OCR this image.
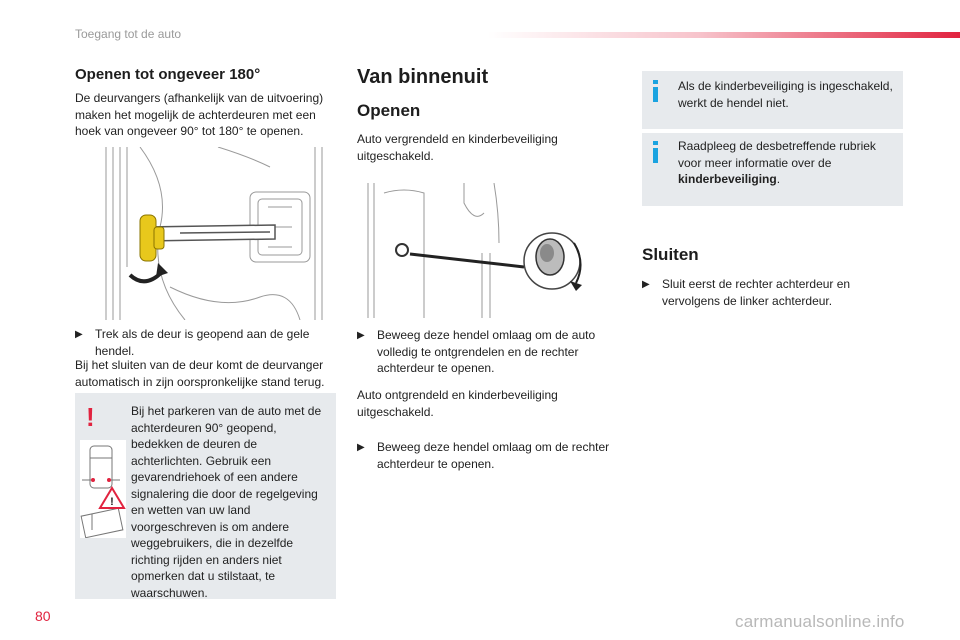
Toegang tot de auto
Openen tot ongeveer 180°

De deurvangers (afhankelijk van de uitvoering) maken het mogelijk de achterdeuren met een hoek van ongeveer 90° tot 180° te openen.

▶	Trek als de deur is geopend aan de gele hendel.

Bij het sluiten van de deur komt de deurvanger automatisch in zijn oorspronkelijke stand terug.

!
!

Bij het parkeren van de auto met de achterdeuren 90° geopend, bedekken de deuren de achterlichten. Gebruik een gevarendriehoek of een andere signalering die door de regelgeving en wetten van uw land voorgeschreven is om andere weggebruikers, die in dezelfde richting rijden en anders niet opmerken dat u stilstaat, te waarschuwen.

Van binnenuit
Openen

Auto vergrendeld en kinderbeveiliging uitgeschakeld.

▶	Beweeg deze hendel omlaag om de auto volledig te ontgrendelen en de rechter achterdeur te openen.

Auto ontgrendeld en kinderbeveiliging uitgeschakeld.

▶	Beweeg deze hendel omlaag om de rechter achterdeur te openen.

Als de kinderbeveiliging is ingeschakeld, werkt de hendel niet.

Raadpleeg de desbetreffende rubriek voor meer informatie over de kinderbeveiliging.

Sluiten
▶	Sluit eerst de rechter achterdeur en vervolgens de linker achterdeur.
80	carmanualsonline.info
